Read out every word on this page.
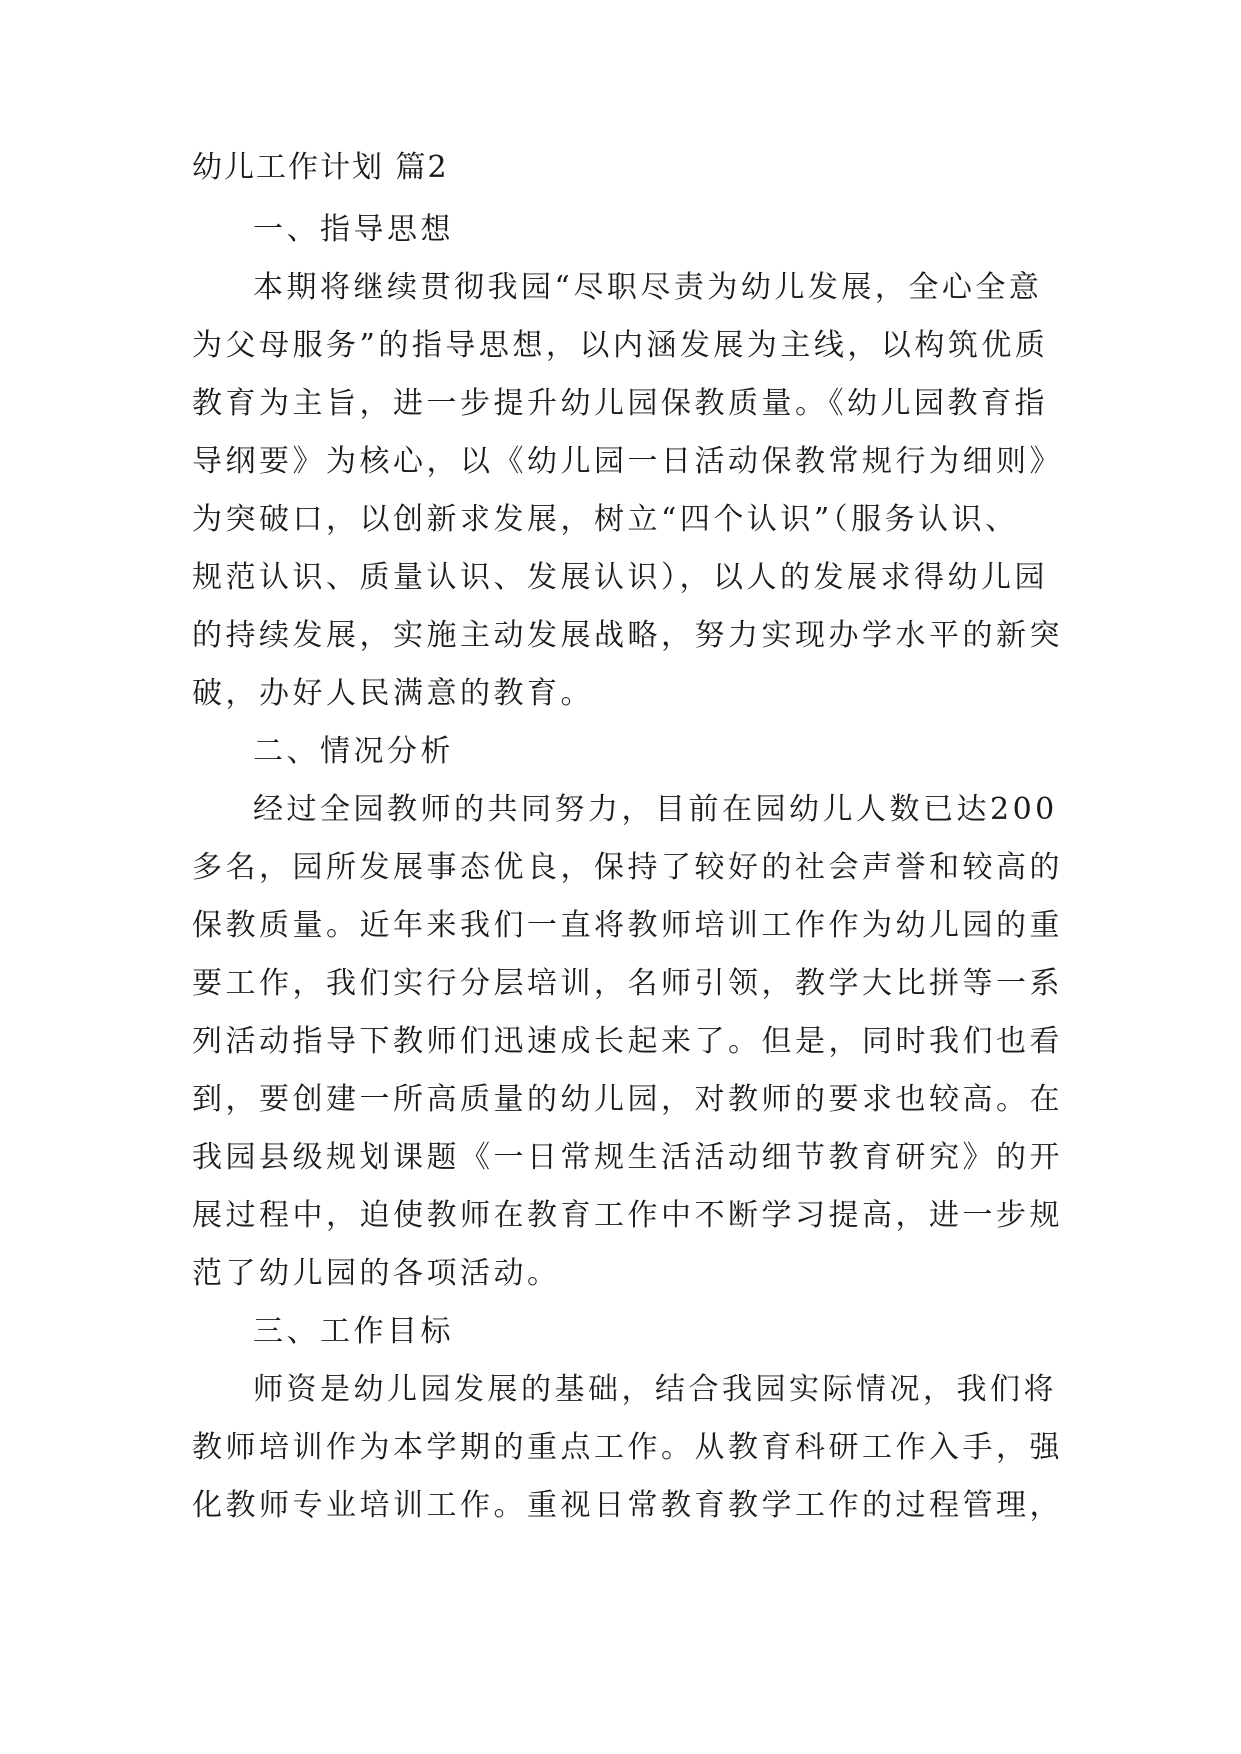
幼儿工作计划 篇2
一、指导思想
本期将继续贯彻我园“尽职尽责为幼儿发展，全心全意
为父母服务”的指导思想，以内涵发展为主线，以构筑优质
教育为主旨，进一步提升幼儿园保教质量。《幼儿园教育指
导纲要》为核心，以《幼儿园一日活动保教常规行为细则》
为突破口，以创新求发展，树立“四个认识”（服务认识、
规范认识、质量认识、发展认识），以人的发展求得幼儿园
的持续发展，实施主动发展战略，努力实现办学水平的新突
破，办好人民满意的教育。
二、情况分析
经过全园教师的共同努力，目前在园幼儿人数已达200
多名，园所发展事态优良，保持了较好的社会声誉和较高的
保教质量。近年来我们一直将教师培训工作作为幼儿园的重
要工作，我们实行分层培训，名师引领，教学大比拼等一系
列活动指导下教师们迅速成长起来了。但是，同时我们也看
到，要创建一所高质量的幼儿园，对教师的要求也较高。在
我园县级规划课题《一日常规生活活动细节教育研究》的开
展过程中，迫使教师在教育工作中不断学习提高，进一步规
范了幼儿园的各项活动。
三、工作目标
师资是幼儿园发展的基础，结合我园实际情况，我们将
教师培训作为本学期的重点工作。从教育科研工作入手，强
化教师专业培训工作。重视日常教育教学工作的过程管理，
